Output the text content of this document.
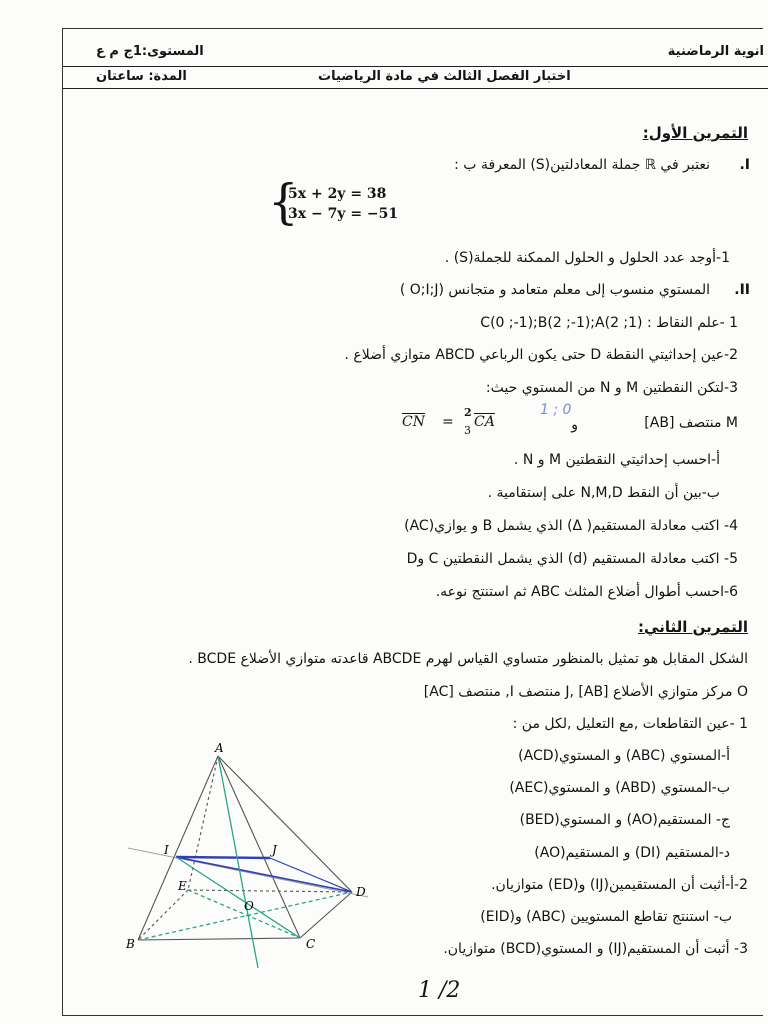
انوية الرماضنية
المستوى:1ج م ع
اختبار الفصل الثالث في مادة الرياضيات
المدة: ساعتان
التمرين الأول:
I.
نعتبر في ℝ جملة المعادلتين(S) المعرفة ب :
{
5x + 2y = 38
3x − 7y = −51
1-أوجد عدد الحلول و الحلول الممكنة للجملة(S) .
II.
المستوي منسوب إلى معلم متعامد و متجانس (O;I;J )
1 -علم النقاط : C(0 ;-1);B(2 ;-1);A(2 ;1)
2-عين إحداثيتي النقطة D حتى يكون الرباعي ABCD متوازي أضلاع .
3-لتكن النقطتين M و N من المستوي حيث:
M منتصف [AB]
و
$\overline{CN}$ =
2
3
$\overline{CA}$
1 ; 0
أ-احسب إحداثيتي النقطتين M و N .
ب-بين أن النقط N,M,D على إستقامية .
4- اكتب معادلة المستقيم( Δ) الذي يشمل B و يوازي(AC)
5- اكتب معادلة المستقيم (d) الذي يشمل النقطتين C وD
6-احسب أطوال أضلاع المثلث ABC ثم استنتج نوعه.
التمرين الثاني:
الشكل المقابل هو تمثيل بالمنظور متساوي القياس لهرم ABCDE قاعدته متوازي الأضلاع BCDE .
O مركز متوازي الأضلاع J, [AB] منتصف I, منتصف [AC]
1 -عين التقاطعات ,مع التعليل ,لكل من :
أ-المستوي (ABC) و المستوي(ACD)
ب-المستوي (ABD) و المستوي(AEC)
ج- المستقيم(AO) و المستوي(BED)
د-المستقيم (DI) و المستقيم(AO)
2-أ-أثبت أن المستقيمين(IJ) و(ED) متوازيان.
ب- استنتج تقاطع المستويين (ABC) و(EID)
3- أثبت أن المستقيم(IJ) و المستوي(BCD) متوازيان.
A
B	C
D
E
O
I	J
1 /2
